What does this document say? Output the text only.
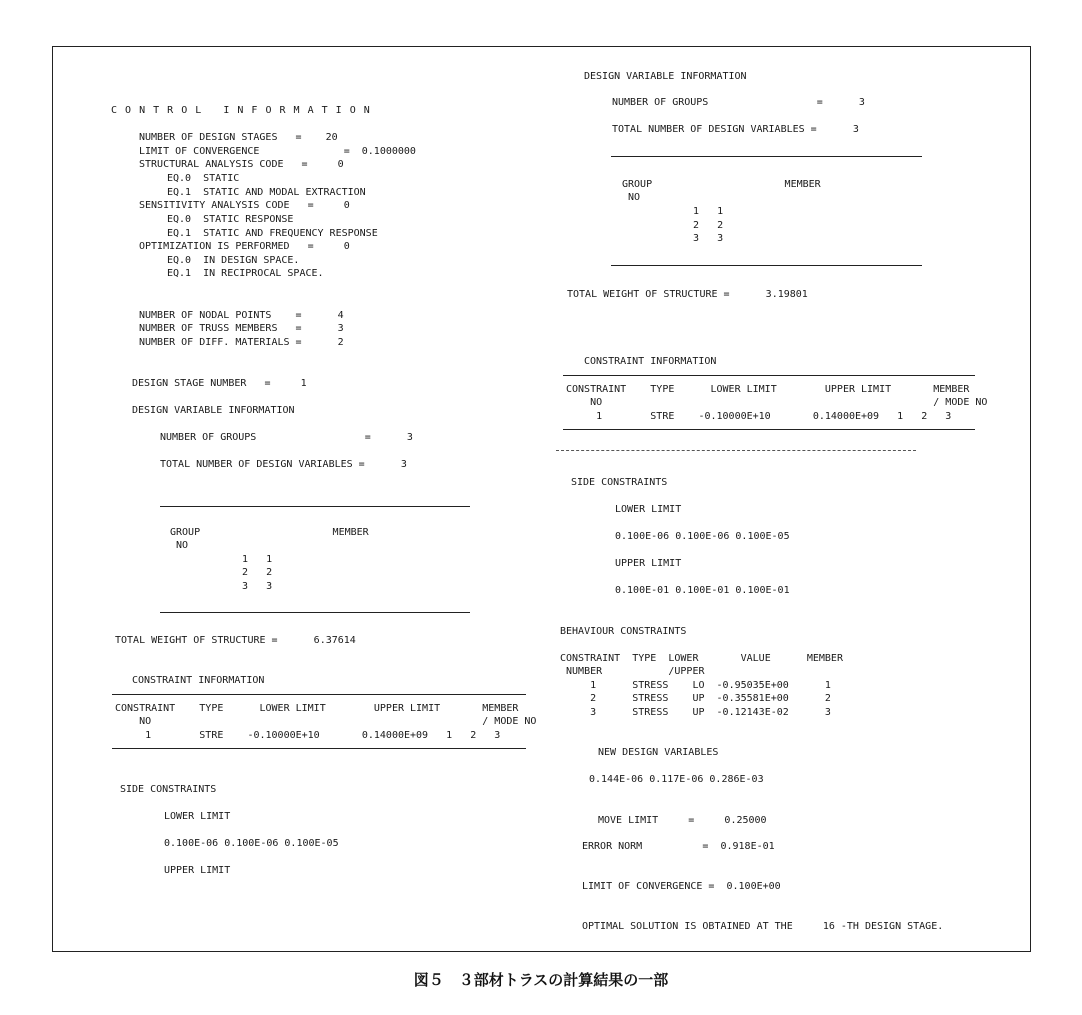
C O N T R O L   I N F O R M A T I O N
NUMBER OF DESIGN STAGES   =    20
LIMIT OF CONVERGENCE              =  0.1000000
STRUCTURAL ANALYSIS CODE   =     0
EQ.0  STATIC
EQ.1  STATIC AND MODAL EXTRACTION
SENSITIVITY ANALYSIS CODE   =     0
EQ.0  STATIC RESPONSE
EQ.1  STATIC AND FREQUENCY RESPONSE
OPTIMIZATION IS PERFORMED   =     0
EQ.0  IN DESIGN SPACE.
EQ.1  IN RECIPROCAL SPACE.
NUMBER OF NODAL POINTS    =      4
NUMBER OF TRUSS MEMBERS   =      3
NUMBER OF DIFF. MATERIALS =      2
DESIGN STAGE NUMBER   =     1
DESIGN VARIABLE INFORMATION
NUMBER OF GROUPS                  =      3
TOTAL NUMBER OF DESIGN VARIABLES =      3
GROUP                      MEMBER
NO
1   1
2   2
3   3
TOTAL WEIGHT OF STRUCTURE =      6.37614
CONSTRAINT INFORMATION
CONSTRAINT    TYPE      LOWER LIMIT        UPPER LIMIT       MEMBER
NO                                                       / MODE NO
1        STRE    -0.10000E+10       0.14000E+09   1   2   3
SIDE CONSTRAINTS
LOWER LIMIT
0.100E-06 0.100E-06 0.100E-05
UPPER LIMIT
DESIGN VARIABLE INFORMATION
NUMBER OF GROUPS                  =      3
TOTAL NUMBER OF DESIGN VARIABLES =      3
GROUP                      MEMBER
NO
1   1
2   2
3   3
TOTAL WEIGHT OF STRUCTURE =      3.19801
CONSTRAINT INFORMATION
CONSTRAINT    TYPE      LOWER LIMIT        UPPER LIMIT       MEMBER
NO                                                       / MODE NO
1        STRE    -0.10000E+10       0.14000E+09   1   2   3
SIDE CONSTRAINTS
LOWER LIMIT
0.100E-06 0.100E-06 0.100E-05
UPPER LIMIT
0.100E-01 0.100E-01 0.100E-01
BEHAVIOUR CONSTRAINTS
CONSTRAINT  TYPE  LOWER       VALUE      MEMBER
NUMBER           /UPPER
1      STRESS    LO  -0.95035E+00      1
2      STRESS    UP  -0.35581E+00      2
3      STRESS    UP  -0.12143E-02      3
NEW DESIGN VARIABLES
0.144E-06 0.117E-06 0.286E-03
MOVE LIMIT     =     0.25000
ERROR NORM          =  0.918E-01
LIMIT OF CONVERGENCE =  0.100E+00
OPTIMAL SOLUTION IS OBTAINED AT THE     16 -TH DESIGN STAGE.
図５　３部材トラスの計算結果の一部
